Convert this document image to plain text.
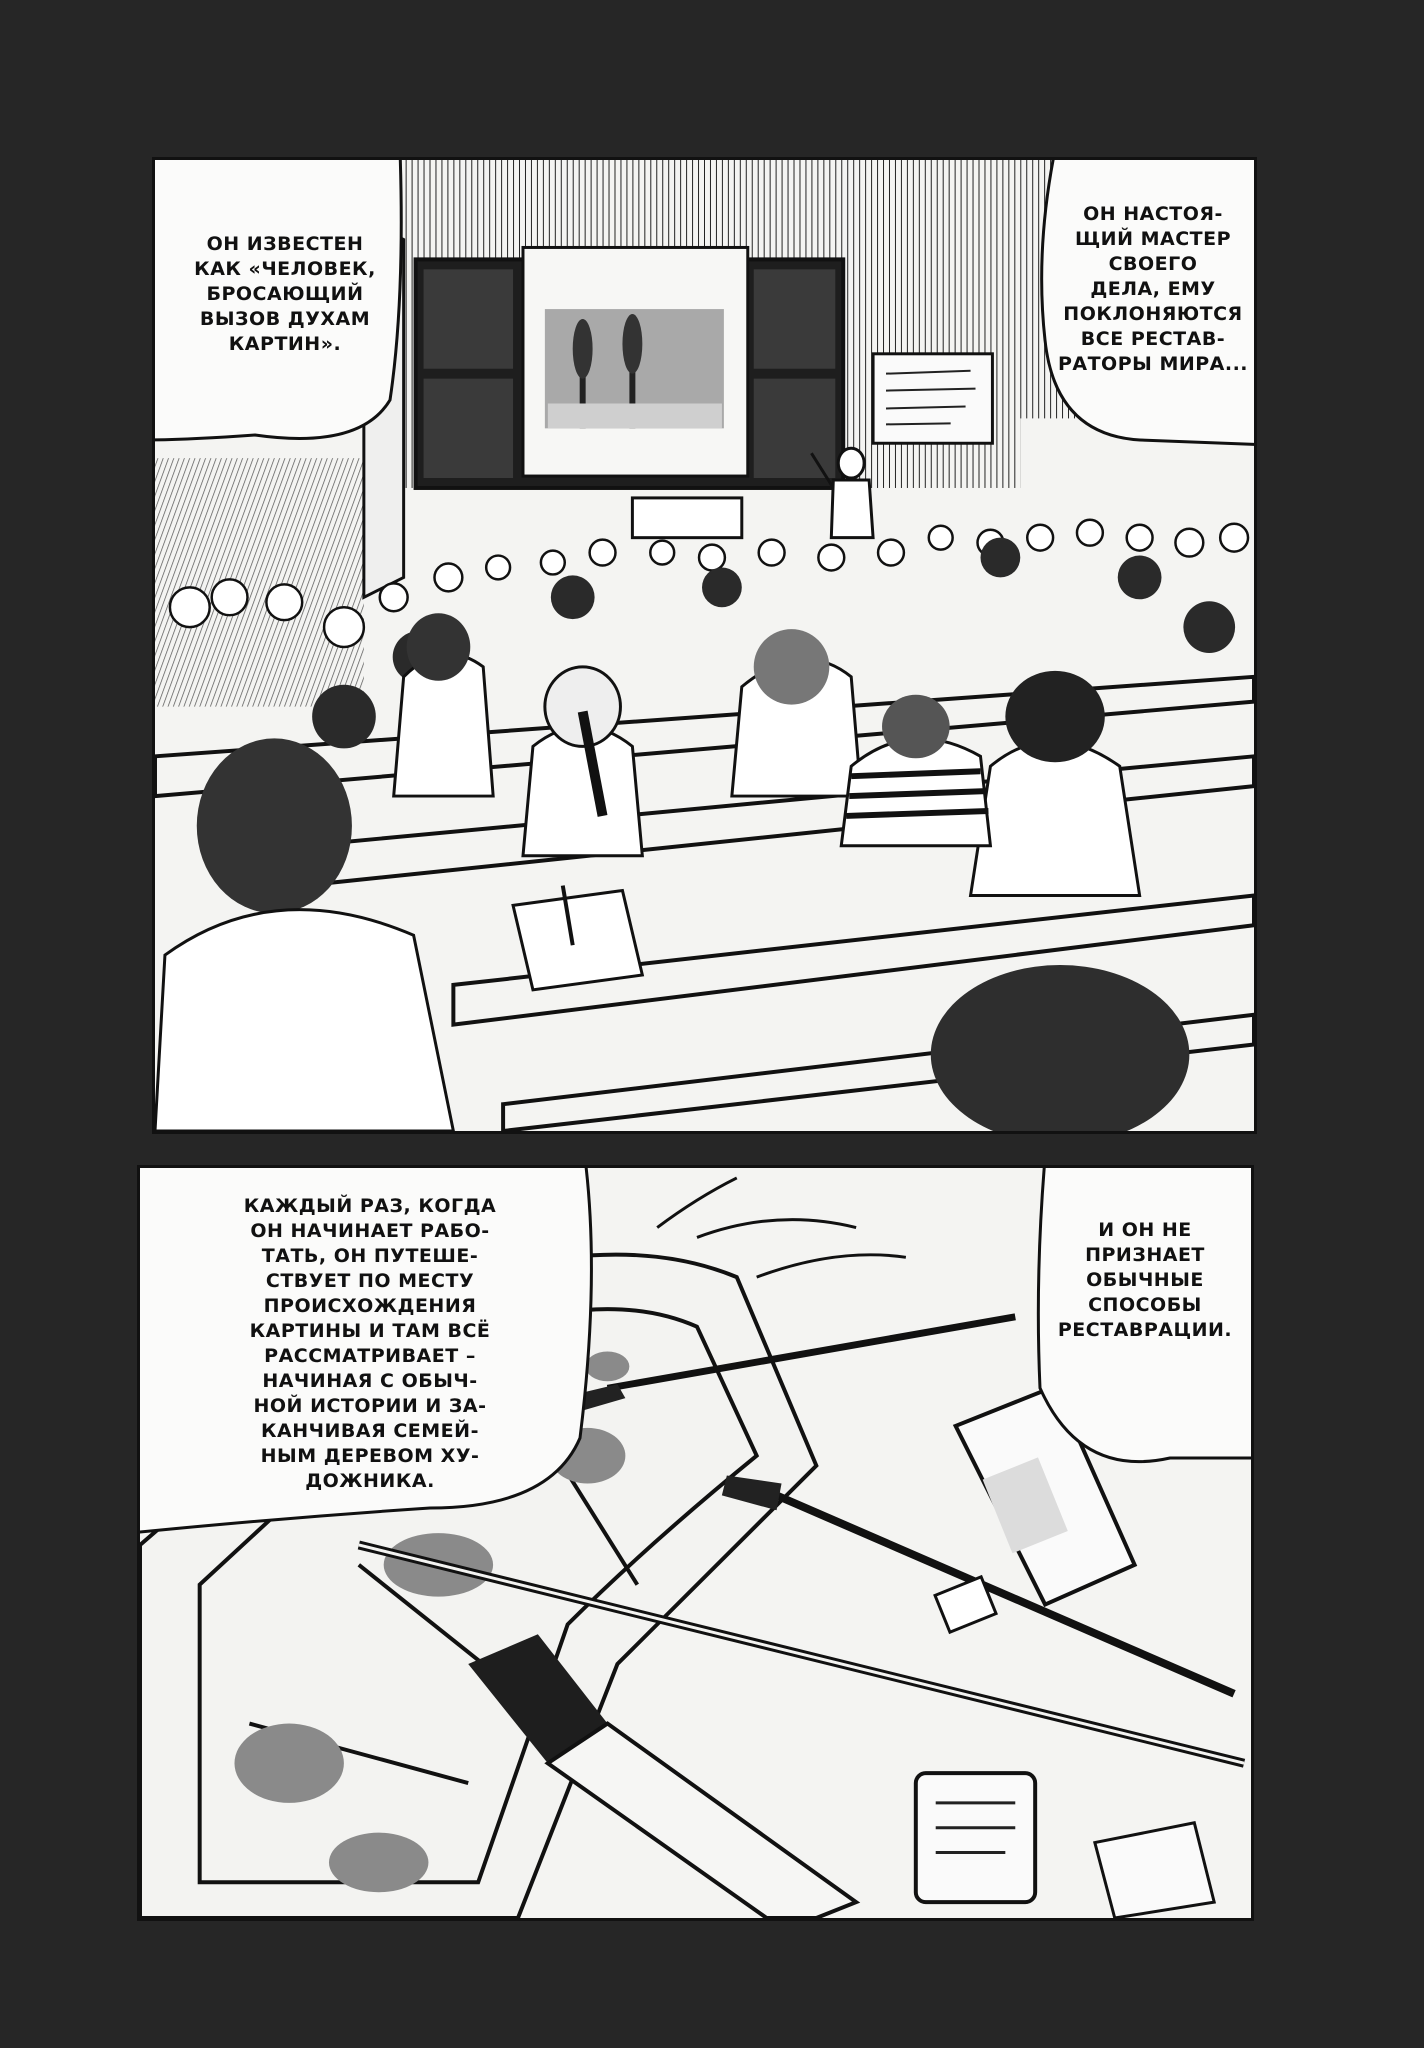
ОН ИЗВЕСТЕН
КАК «ЧЕЛОВЕК,
БРОСАЮЩИЙ
ВЫЗОВ ДУХАМ
КАРТИН».
ОН НАСТОЯ-
ЩИЙ МАСТЕР
СВОЕГО
ДЕЛА, ЕМУ
ПОКЛОНЯЮТСЯ
ВСЕ РЕСТАВ-
РАТОРЫ МИРА...
КАЖДЫЙ РАЗ, КОГДА
ОН НАЧИНАЕТ РАБО-
ТАТЬ, ОН ПУТЕШЕ-
СТВУЕТ ПО МЕСТУ
ПРОИСХОЖДЕНИЯ
КАРТИНЫ И ТАМ ВСЁ
РАССМАТРИВАЕТ –
НАЧИНАЯ С ОБЫЧ-
НОЙ ИСТОРИИ И ЗА-
КАНЧИВАЯ СЕМЕЙ-
НЫМ ДЕРЕВОМ ХУ-
ДОЖНИКА.
И ОН НЕ
ПРИЗНАЕТ
ОБЫЧНЫЕ
СПОСОБЫ
РЕСТАВРАЦИИ.
